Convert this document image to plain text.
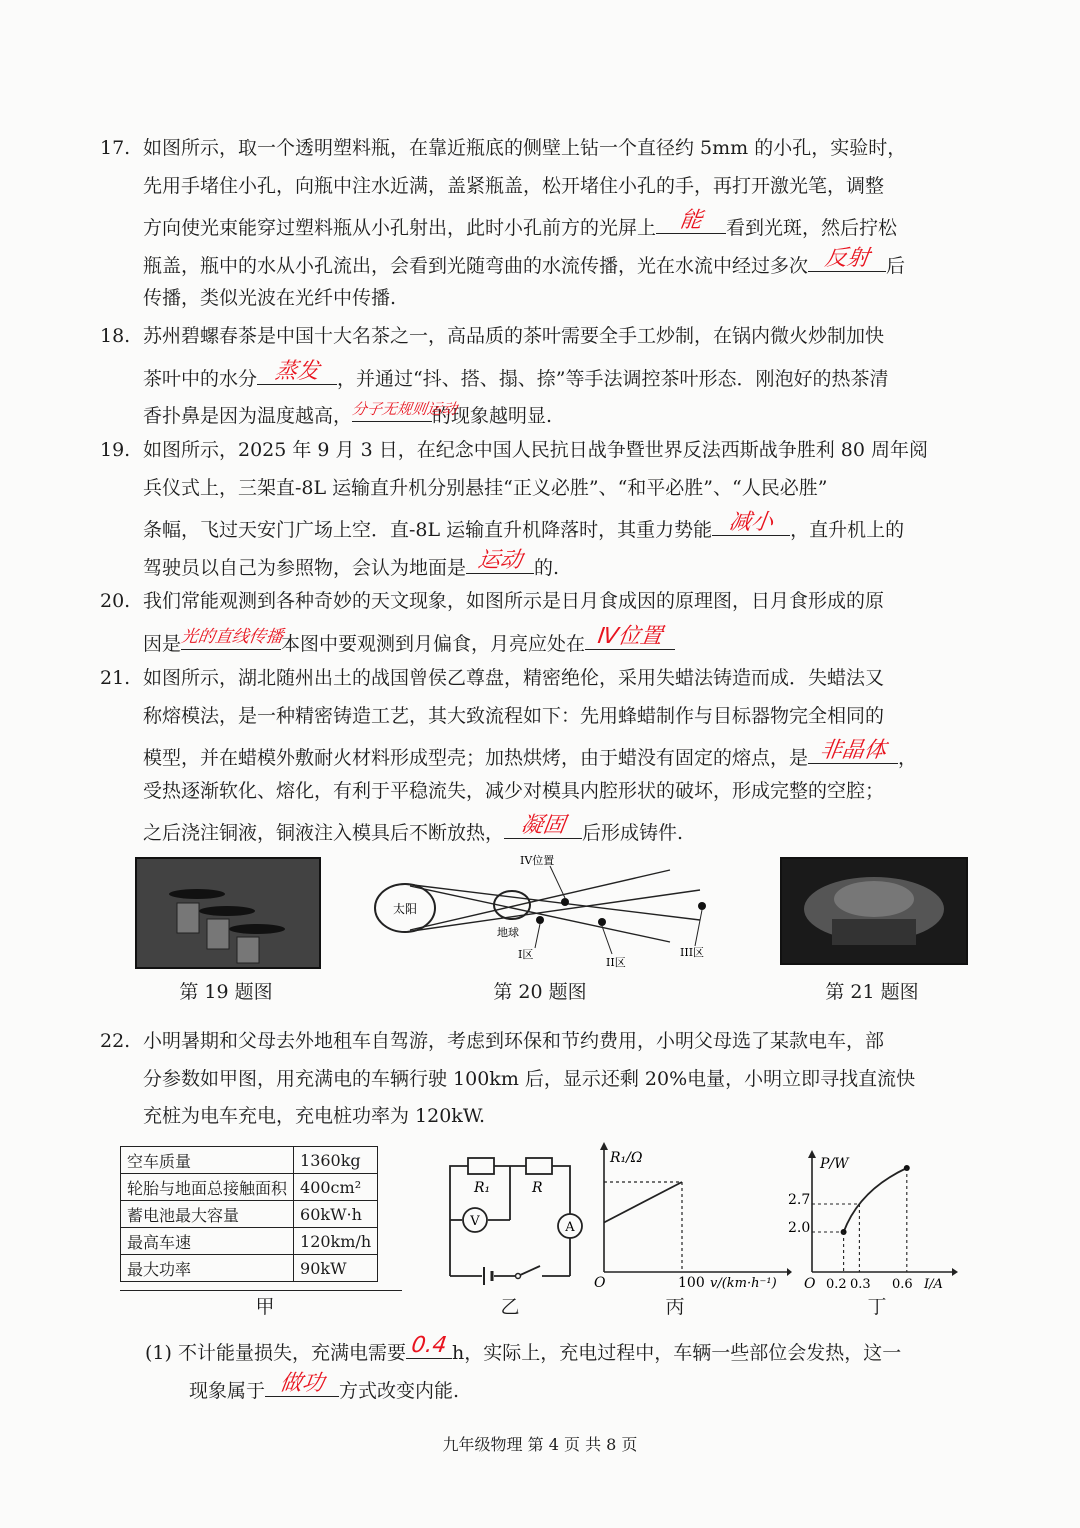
17. 如图所示，取一个透明塑料瓶，在靠近瓶底的侧壁上钻一个直径约 5mm 的小孔，实验时，
先用手堵住小孔，向瓶中注水近满，盖紧瓶盖，松开堵住小孔的手，再打开激光笔，调整
方向使光束能穿过塑料瓶从小孔射出，此时小孔前方的光屏上	能	看到光斑，然后拧松
瓶盖，瓶中的水从小孔流出，会看到光随弯曲的水流传播，光在水流中经过多次 反射 后
传播，类似光波在光纤中传播.
18. 苏州碧螺春茶是中国十大名茶之一，高品质的茶叶需要全手工炒制，在锅内微火炒制加快
茶叶中的水分 蒸发 ，并通过“抖、搭、搨、捺”等手法调控茶叶形态．刚泡好的热茶清
香扑鼻是因为温度越高，
分子无规则运动
的现象越明显.
19. 如图所示，2025 年 9 月 3 日，在纪念中国人民抗日战争暨世界反法西斯战争胜利 80 周年阅
兵仪式上，三架直-8L 运输直升机分别悬挂“正义必胜”、“和平必胜”、“人民必胜”
条幅，飞过天安门广场上空．直-8L 运输直升机降落时，其重力势能 减小 ，直升机上的
驾驶员以自己为参照物，会认为地面是 运动 的.
20. 我们常能观测到各种奇妙的天文现象，如图所示是日月食成因的原理图，日月食形成的原
因是
光的直线传播
本图中要观测到月偏食，月亮应处在 Ⅳ位置
21. 如图所示，湖北随州出土的战国曾侯乙尊盘，精密绝伦，采用失蜡法铸造而成．失蜡法又
称熔模法，是一种精密铸造工艺，其大致流程如下：先用蜂蜡制作与目标器物完全相同的
模型，并在蜡模外敷耐火材料形成型壳；加热烘烤，由于蜡没有固定的熔点，是 非晶体 ，
受热逐渐软化、熔化，有利于平稳流失，减少对模具内腔形状的破坏，形成完整的空腔；
之后浇注铜液，铜液注入模具后不断放热， 凝固 后形成铸件.
太阳
地球
IV位置
I区
II区
III区
第 19 题图	第 20 题图	第 21 题图
22. 小明暑期和父母去外地租车自驾游，考虑到环保和节约费用，小明父母选了某款电车，部
分参数如甲图，用充满电的车辆行驶 100km 后，显示还剩 20%电量，小明立即寻找直流快
充桩为电车充电，充电桩功率为 120kW.
空车质量	1360kg
轮胎与地面总接触面积	400cm²
蓄电池最大容量	60kW·h
最高车速	120km/h
最大功率	90kW
R₁	R
V	A
R₁/Ω
O	100 v/(km·h⁻¹)
P/W
2.7
2.0
O 0.2 0.3 0.6 I/A
甲	乙	丙	丁
(1) 不计能量损失，充满电需要 0.4 h，实际上，充电过程中，车辆一些部位会发热，这一
现象属于 做功 方式改变内能.
九年级物理 第 4 页 共 8 页
